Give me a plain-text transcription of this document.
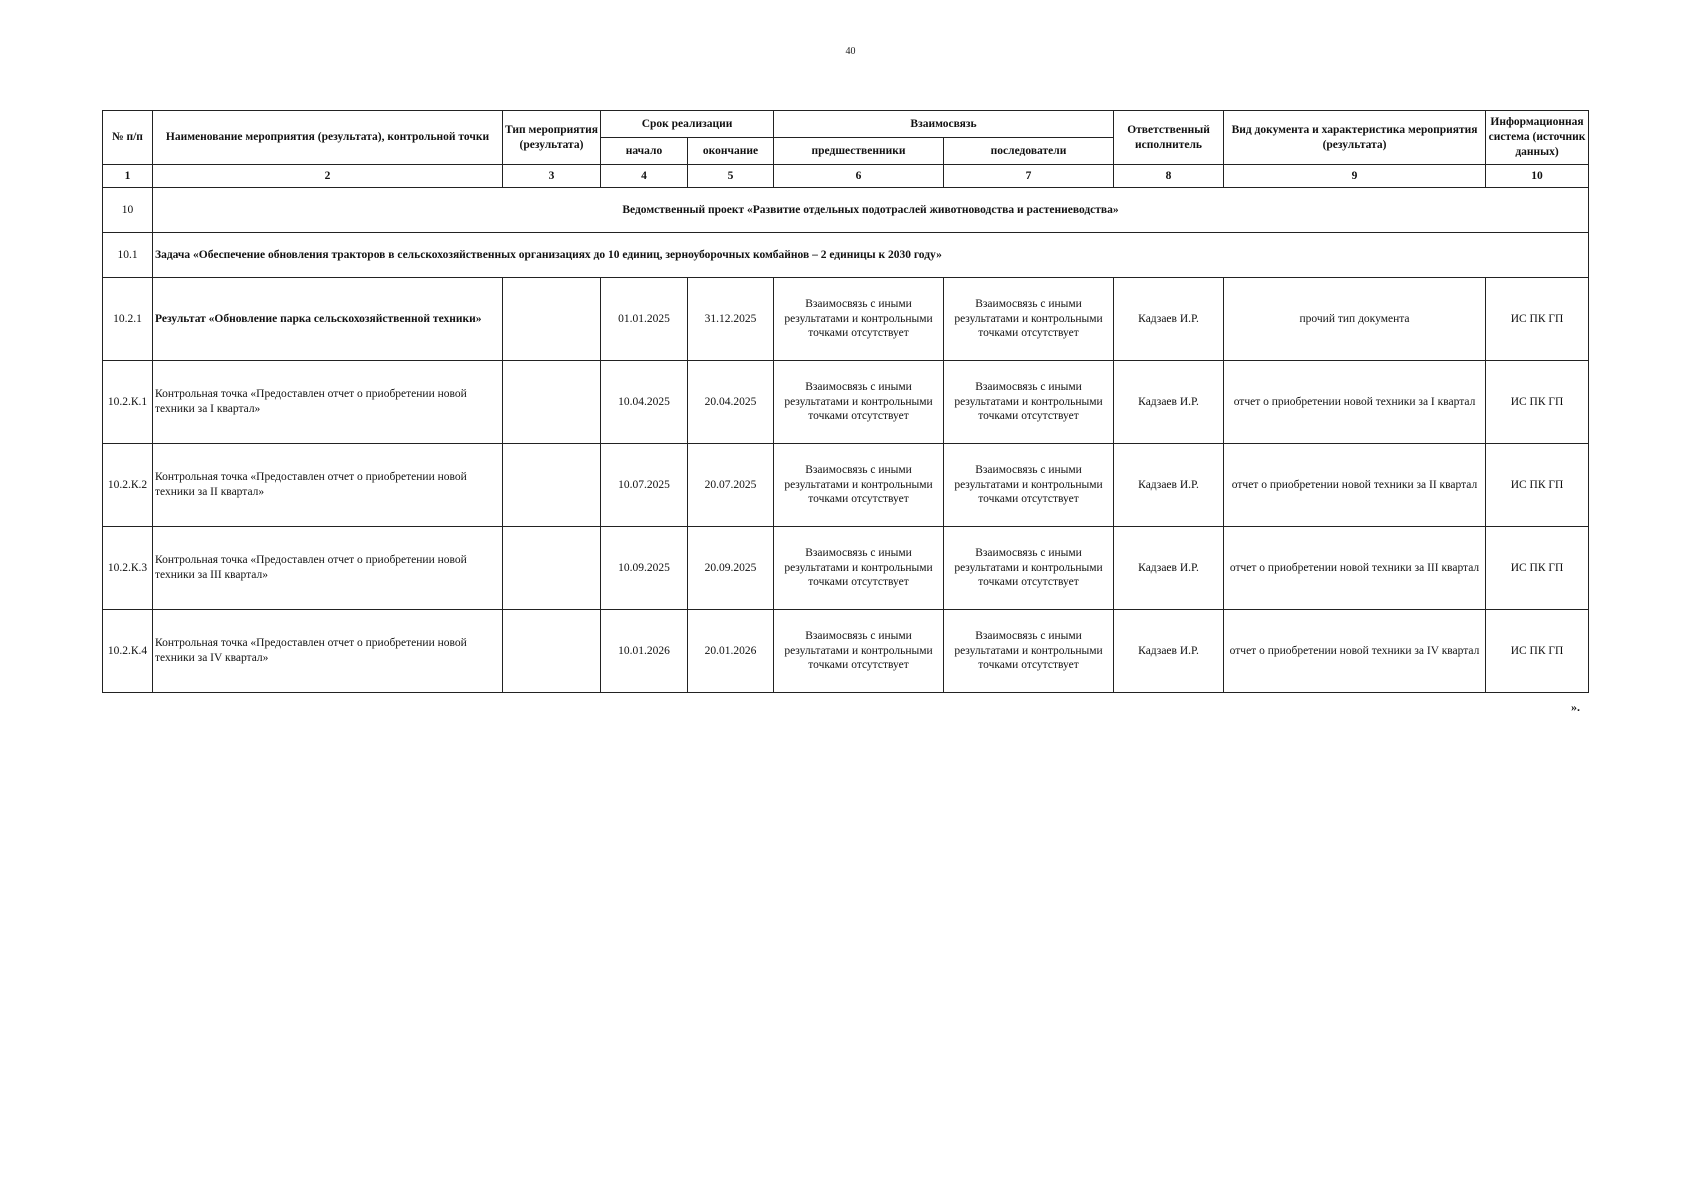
40
№ п/п	Наименование мероприятия (результата), контрольной точки	Тип мероприятия (результата)	Срок реализации		Взаимосвязь		Ответственный исполнитель	Вид документа и характеристика мероприятия (результата)	Информационная система (источник данных)
			начало	окончание	предшественники	последователи			
1	2	3	4	5	6	7	8	9	10
10	Ведомственный проект «Развитие отдельных подотраслей животноводства и растениеводства»								
10.1	Задача «Обеспечение обновления тракторов в сельскохозяйственных организациях до 10 единиц, зерноуборочных комбайнов – 2 единицы к 2030 году»								
10.2.1	Результат «Обновление парка сельскохозяйственной техники»		01.01.2025	31.12.2025	Взаимосвязь с иными результатами и контрольными точками отсутствует	Взаимосвязь с иными результатами и контрольными точками отсутствует	Кадзаев И.Р.	прочий тип документа	ИС ПК ГП
10.2.К.1	Контрольная точка «Предоставлен отчет о приобретении новой техники за I квартал»		10.04.2025	20.04.2025	Взаимосвязь с иными результатами и контрольными точками отсутствует	Взаимосвязь с иными результатами и контрольными точками отсутствует	Кадзаев И.Р.	отчет о приобретении новой техники за I квартал	ИС ПК ГП
10.2.К.2	Контрольная точка «Предоставлен отчет о приобретении новой техники за II квартал»		10.07.2025	20.07.2025	Взаимосвязь с иными результатами и контрольными точками отсутствует	Взаимосвязь с иными результатами и контрольными точками отсутствует	Кадзаев И.Р.	отчет о приобретении новой техники за II квартал	ИС ПК ГП
10.2.К.3	Контрольная точка «Предоставлен отчет о приобретении новой техники за III квартал»		10.09.2025	20.09.2025	Взаимосвязь с иными результатами и контрольными точками отсутствует	Взаимосвязь с иными результатами и контрольными точками отсутствует	Кадзаев И.Р.	отчет о приобретении новой техники за III квартал	ИС ПК ГП
10.2.К.4	Контрольная точка «Предоставлен отчет о приобретении новой техники за IV квартал»		10.01.2026	20.01.2026	Взаимосвязь с иными результатами и контрольными точками отсутствует	Взаимосвязь с иными результатами и контрольными точками отсутствует	Кадзаев И.Р.	отчет о приобретении новой техники за IV квартал	ИС ПК ГП
».
